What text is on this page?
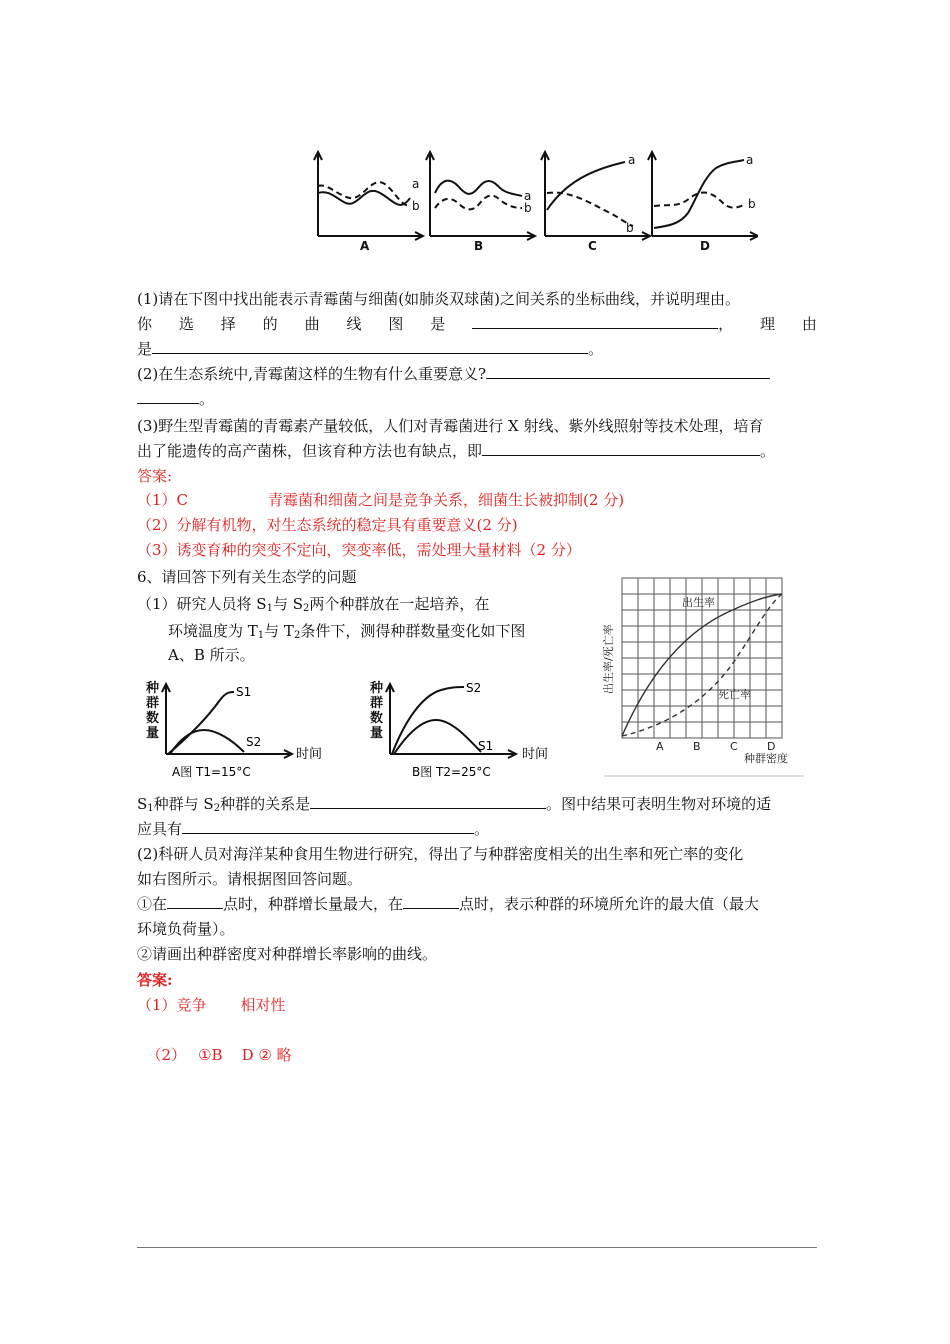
a
b
A
a
b
B
a
b
C
a
b
D
(1)请在下图中找出能表示青霉菌与细菌(如肺炎双球菌)之间关系的坐标曲线，并说明理由。
你 选 择 的 曲 线 图 是	， 理 由
是	。
(2)在生态系统中,青霉菌这样的生物有什么重要意义?
。
(3)野生型青霉菌的青霉素产量较低，人们对青霉菌进行 X 射线、紫外线照射等技术处理，培育
出了能遗传的高产菌株，但该育种方法也有缺点，即	。
答案:
（1）C	青霉菌和细菌之间是竞争关系，细菌生长被抑制(2 分)
（2）分解有机物，对生态系统的稳定具有重要意义(2 分)
（3）诱变育种的突变不定向，突变率低，需处理大量材料（2 分）
6、请回答下列有关生态学的问题
（1）研究人员将 $S_1$与 $S_2$两个种群放在一起培养，在
环境温度为 $T_1$与 $T_2$条件下，测得种群数量变化如下图
A、B 所示。
种
群
数
量
S1
S2
时间
A图 T1=15°C
种
群
数
量
S2
S1
时间
B图 T2=25°C
出生率
死亡率
A	B	C	D
种群密度
出生率/死亡率
$S_1$种群与 $S_2$种群的关系是	。图中结果可表明生物对环境的适
应具有	。
(2)科研人员对海洋某种食用生物进行研究，得出了与种群密度相关的出生率和死亡率的变化
如右图所示。请根据图回答问题。
①在	点时，种群增长量最大，在	点时，表示种群的环境所允许的最大值（最大
环境负荷量）。
②请画出种群密度对种群增长率影响的曲线。
答案:
（1）竞争 相对性

（2） ①B    D ② 略
